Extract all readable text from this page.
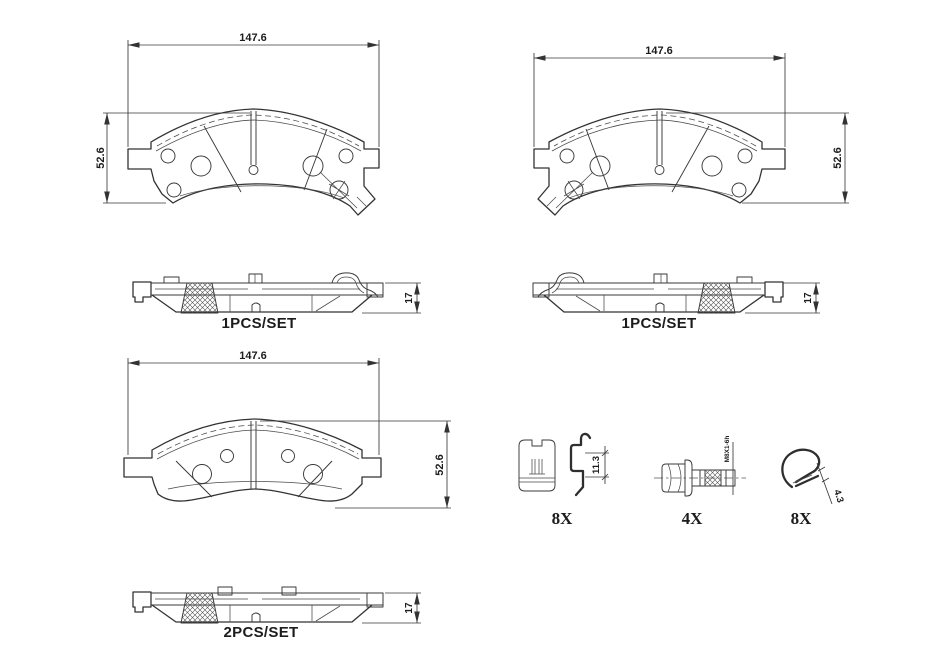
147.6
52.6
147.6
52.6
17
1PCS/SET
17
1PCS/SET
147.6
52.6
17
2PCS/SET
11.3
8X
M8X1-6h
4X
4.3
8X
